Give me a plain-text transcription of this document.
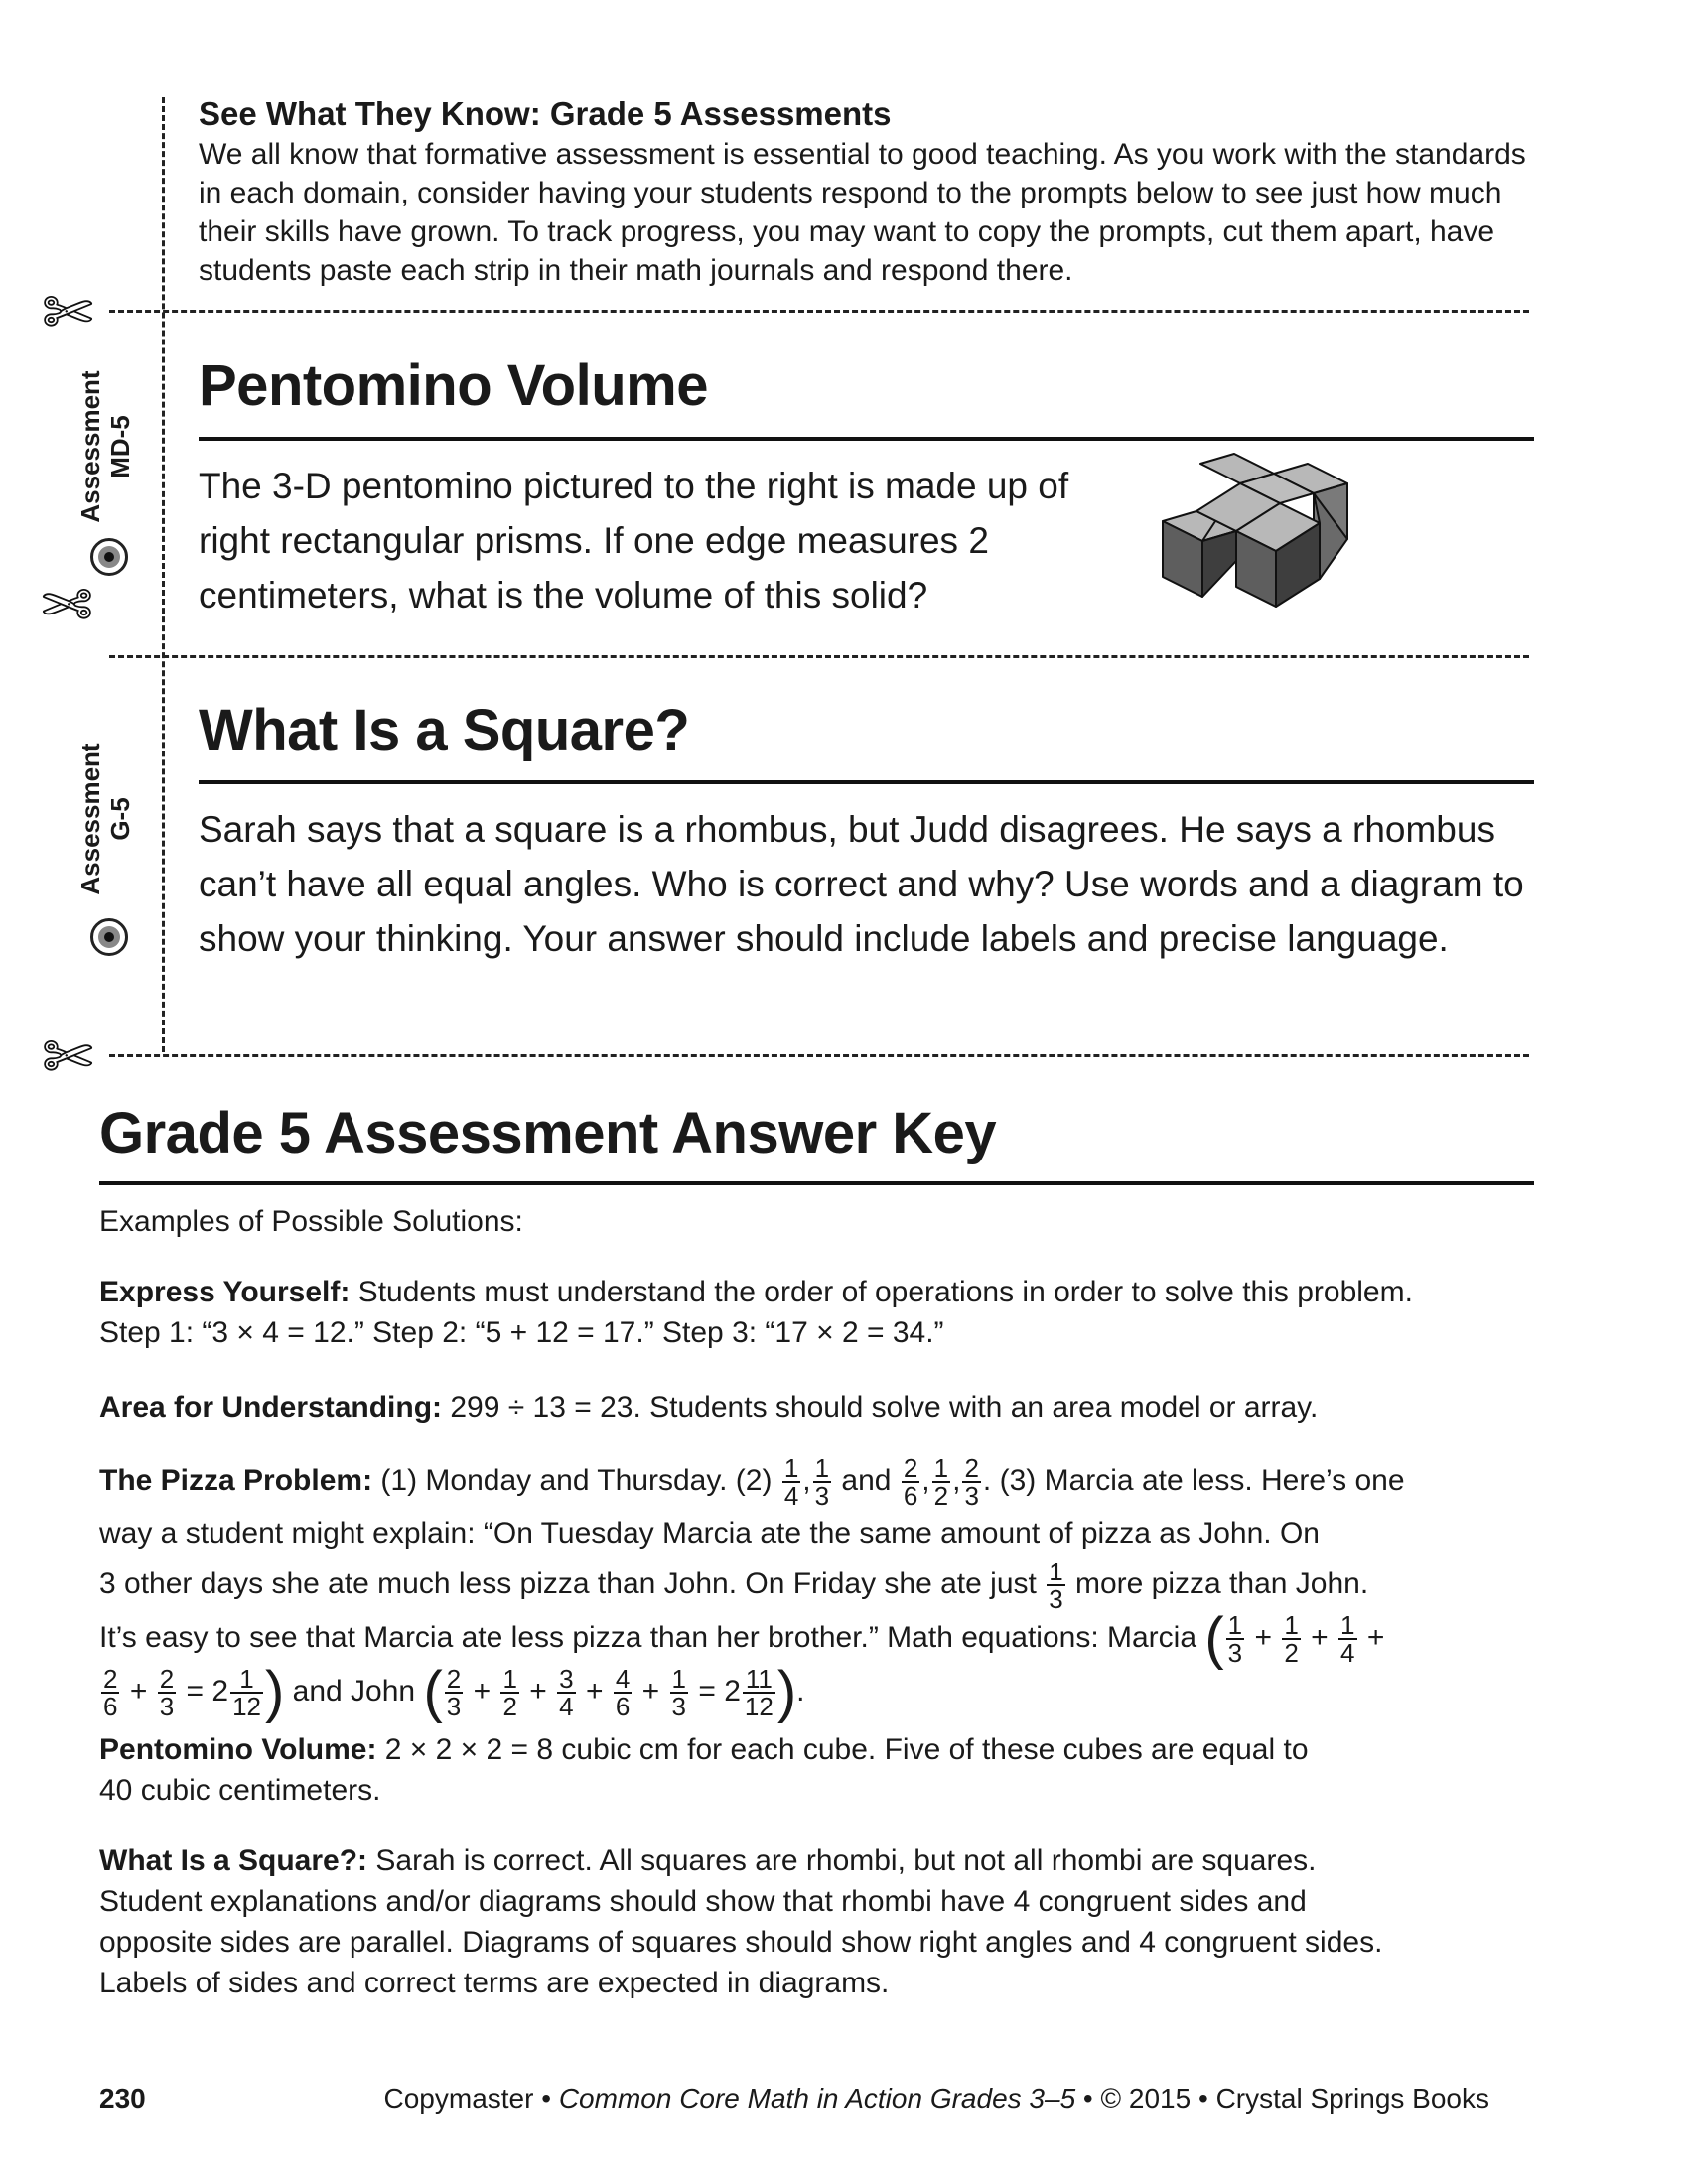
See What They Know: Grade 5 Assessments
We all know that formative assessment is essential to good teaching. As you work with the standards in each domain, consider having your students respond to the prompts below to see just how much their skills have grown. To track progress, you may want to copy the prompts, cut them apart, have students paste each strip in their math journals and respond there.
✄
✄
✄
Assessment MD-5
Pentomino Volume
The 3-D pentomino pictured to the right is made up of right rectangular prisms. If one edge measures 2 centimeters, what is the volume of this solid?
Assessment G-5
What Is a Square?
Sarah says that a square is a rhombus, but Judd disagrees. He says a rhombus can’t have all equal angles. Who is correct and why? Use words and a diagram to show your thinking. Your answer should include labels and precise language.
Grade 5 Assessment Answer Key

Examples of Possible Solutions:

Express Yourself: Students must understand the order of operations in order to solve this problem.
Step 1: “3 × 4 = 12.” Step 2: “5 + 12 = 17.” Step 3: “17 × 2 = 34.”

Area for Understanding: 299 ÷ 13 = 23. Students should solve with an area model or array.

The Pizza Problem: (1) Monday and Thursday. $(2) \frac{1}{4}$ , $\frac{1}{3}$ and $\frac{2}{6}$ , $\frac{1}{2}$ , $\frac{2}{3}$ . (3) Marcia ate less. Here’s one
way a student might explain: “On Tuesday Marcia ate the same amount of pizza as John. On
3 other days she ate much less pizza than John. On Friday she ate just $\frac{1}{3}$ more pizza than John.
It’s easy to see that Marcia ate less pizza than her brother.” Math equations: Marcia ( $\frac{1}{3} + \frac{1}{2} + \frac{1}{4}$ +

$\frac{2}{6} + \frac{2}{3} = 2 \frac{1}{12}$ ) and John ( $\frac{2}{3} + \frac{1}{2} + \frac{3}{4} + \frac{4}{6} + \frac{1}{3} = 2 \frac{11}{12}$ ).

Pentomino Volume: 2 × 2 × 2 = 8 cubic cm for each cube. Five of these cubes are equal to
40 cubic centimeters.

What Is a Square?: Sarah is correct. All squares are rhombi, but not all rhombi are squares.
Student explanations and/or diagrams should show that rhombi have 4 congruent sides and
opposite sides are parallel. Diagrams of squares should show right angles and 4 congruent sides.
Labels of sides and correct terms are expected in diagrams.

230	Copymaster • Common Core Math in Action Grades 3–5 • © 2015 • Crystal Springs Books
